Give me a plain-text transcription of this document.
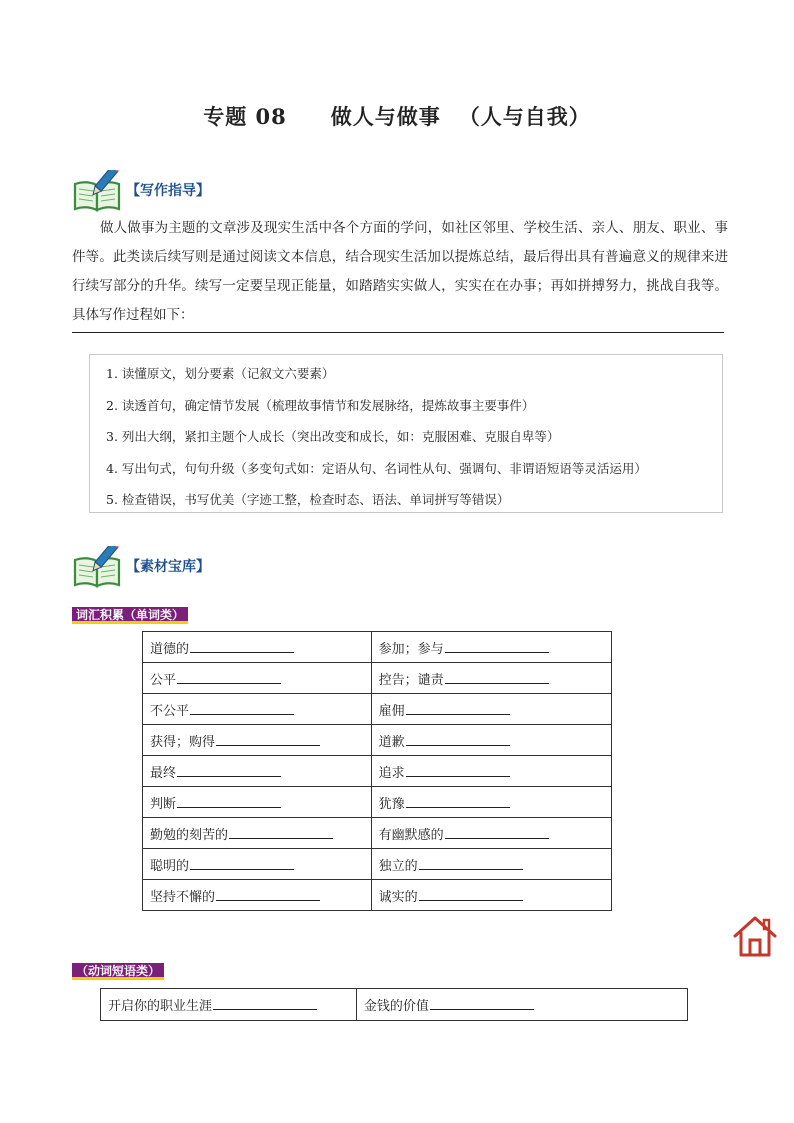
专题 08 做人与做事 （人与自我）
【写作指导】
做人做事为主题的文章涉及现实生活中各个方面的学问，如社区邻里、学校生活、亲人、朋友、职业、事件等。此类读后续写则是通过阅读文本信息，结合现实生活加以提炼总结，最后得出具有普遍意义的规律来进行续写部分的升华。续写一定要呈现正能量，如踏踏实实做人，实实在在办事；再如拼搏努力，挑战自我等。具体写作过程如下：
1. 读懂原文，划分要素（记叙文六要素）
2. 读透首句，确定情节发展（梳理故事情节和发展脉络，提炼故事主要事件）
3. 列出大纲，紧扣主题个人成长（突出改变和成长，如：克服困难、克服自卑等）
4. 写出句式，句句升级（多变句式如：定语从句、名词性从句、强调句、非谓语短语等灵活运用）
5. 检查错误，书写优美（字迹工整，检查时态、语法、单词拼写等错误）
【素材宝库】
词汇积累（单词类）
道德的	参加；参与
公平	控告；谴责
不公平	雇佣
获得；购得	道歉
最终	追求
判断	犹豫
勤勉的刻苦的	有幽默感的
聪明的	独立的
坚持不懈的	诚实的
（动词短语类）
开启你的职业生涯	金钱的价值
